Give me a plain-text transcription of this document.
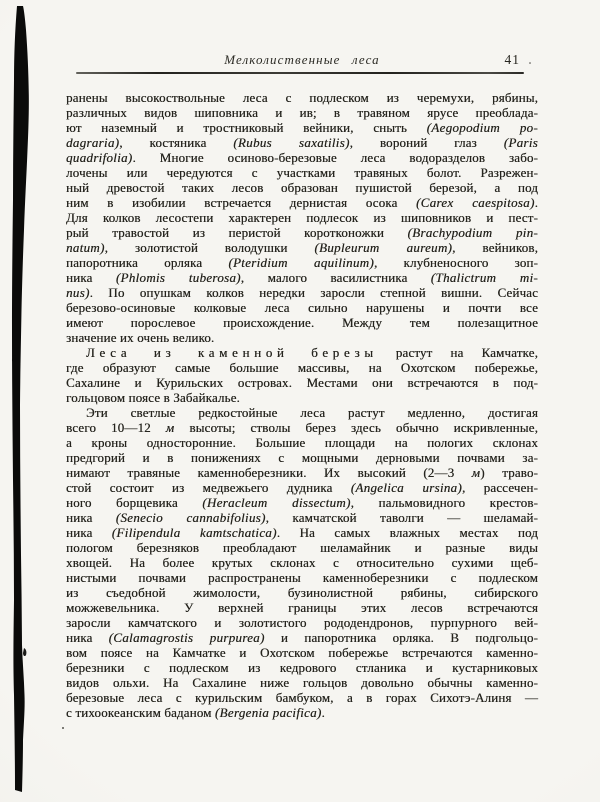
Мелколиственные леса	41
ранены высокоствольные леса с подлеском из черемухи, рябины,
различных видов шиповника и ив; в травяном ярусе преоблада-
ют наземный и тростниковый вейники, сныть (Aegopodium po-
dagraria), костяника (Rubus saxatilis), вороний глаз (Paris
quadrifolia). Многие осиново-березовые леса водоразделов забо-
лочены или чередуются с участками травяных болот. Разрежен-
ный древостой таких лесов образован пушистой березой, а под
ним в изобилии встречается дернистая осока (Carex caespitosa).
Для колков лесостепи характерен подлесок из шиповников и пест-
рый травостой из перистой коротконожки (Brachypodium pin-
natum), золотистой володушки (Bupleurum aureum), вейников,
папоротника орляка (Pteridium aquilinum), клубненосного зоп-
ника (Phlomis tuberosa), малого василистника (Thalictrum mi-
nus). По опушкам колков нередки заросли степной вишни. Сейчас
березово-осиновые колковые леса сильно нарушены и почти все
имеют порослевое происхождение. Между тем полезащитное
значение их очень велико.
Леса из каменной березы растут на Камчатке,
где образуют самые большие массивы, на Охотском побережье,
Сахалине и Курильских островах. Местами они встречаются в под-
гольцовом поясе в Забайкалье.
Эти светлые редкостойные леса растут медленно, достигая
всего 10—12 м высоты; стволы берез здесь обычно искривленные,
а кроны односторонние. Большие площади на пологих склонах
предгорий и в понижениях с мощными дерновыми почвами за-
нимают травяные каменноберезники. Их высокий (2—3 м) траво-
стой состоит из медвежьего дудника (Angelica ursina), рассечен-
ного борщевика (Heracleum dissectum), пальмовидного крестов-
ника (Senecio cannabifolius), камчатской таволги — шеламай-
ника (Filipendula kamtschatica). На самых влажных местах под
пологом березняков преобладают шеламайник и разные виды
хвощей. На более крутых склонах с относительно сухими щеб-
нистыми почвами распространены каменноберезники с подлеском
из съедобной жимолости, бузинолистной рябины, сибирского
можжевельника. У верхней границы этих лесов встречаются
заросли камчатского и золотистого рододендронов, пурпурного вей-
ника (Calamagrostis purpurea) и папоротника орляка. В подгольцо-
вом поясе на Камчатке и Охотском побережье встречаются каменно-
березники с подлеском из кедрового стланика и кустарниковых
видов ольхи. На Сахалине ниже гольцов довольно обычны каменно-
березовые леса с курильским бамбуком, а в горах Сихотэ-Алиня —
с тихоокеанским баданом (Bergenia pacifica).
